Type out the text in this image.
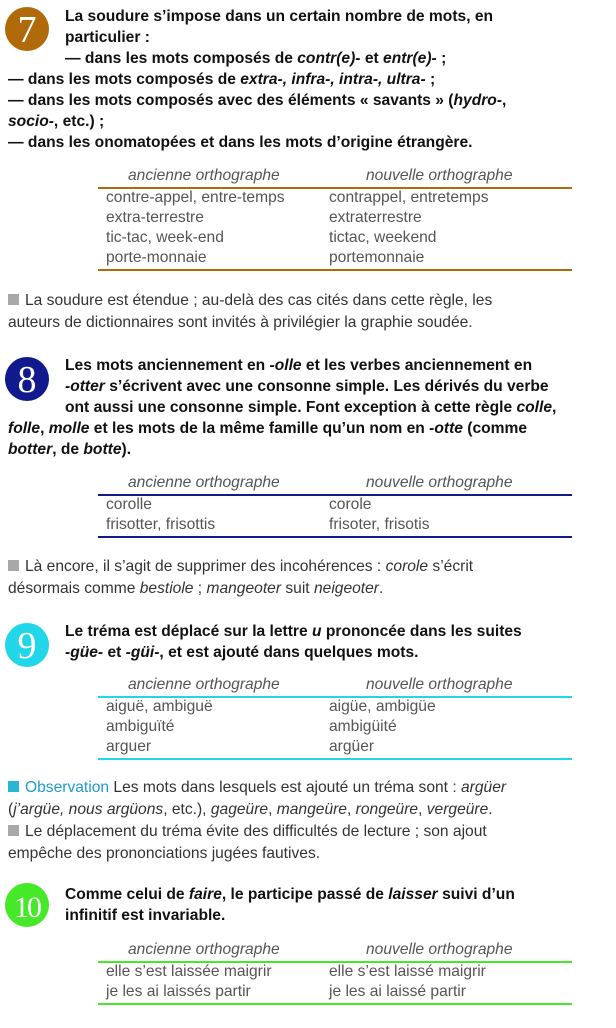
7 La soudure s’impose dans un certain nombre de mots, en
particulier :
— dans les mots composés de contr(e)- et entr(e)- ;
— dans les mots composés de extra-, infra-, intra-, ultra- ;
— dans les mots composés avec des éléments « savants » (hydro-,
socio-, etc.) ;
— dans les onomatopées et dans les mots d’origine étrangère.
ancienne orthographe	nouvelle orthographe
contre-appel, entre-temps	contrappel, entretemps
extra-terrestre	extraterrestre
tic-tac, week-end	tictac, weekend
porte-monnaie	portemonnaie
La soudure est étendue ; au-delà des cas cités dans cette règle, les
auteurs de dictionnaires sont invités à privilégier la graphie soudée.
8 Les mots anciennement en -olle et les verbes anciennement en
-otter s’écrivent avec une consonne simple. Les dérivés du verbe
ont aussi une consonne simple. Font exception à cette règle colle,
folle, molle et les mots de la même famille qu’un nom en -otte (comme
botter, de botte).
ancienne orthographe	nouvelle orthographe
corolle	corole
frisotter, frisottis	frisoter, frisotis
Là encore, il s’agit de supprimer des incohérences : corole s’écrit
désormais comme bestiole ; mangeoter suit neigeoter.
9 Le tréma est déplacé sur la lettre u prononcée dans les suites
-güe- et -güi-, et est ajouté dans quelques mots.
ancienne orthographe	nouvelle orthographe
aiguë, ambiguë	aigüe, ambigüe
ambiguïté	ambigüité
arguer	argüer
Observation Les mots dans lesquels est ajouté un tréma sont : argüer
(j’argüe, nous argüons, etc.), gageüre, mangeüre, rongeüre, vergeüre.
Le déplacement du tréma évite des difficultés de lecture ; son ajout
empêche des prononciations jugées fautives.
10 Comme celui de faire, le participe passé de laisser suivi d’un
infinitif est invariable.
ancienne orthographe	nouvelle orthographe
elle s’est laissée maigrir	elle s’est laissé maigrir
je les ai laissés partir	je les ai laissé partir
